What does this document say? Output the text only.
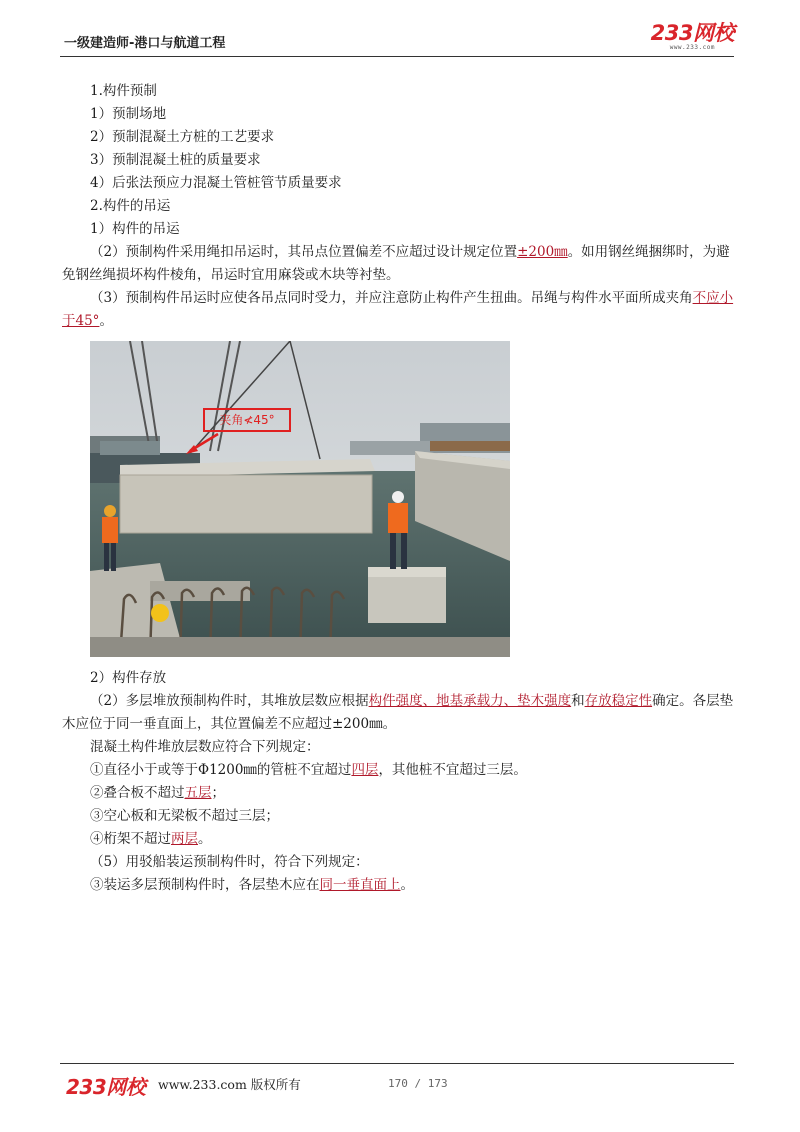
一级建造师-港口与航道工程	233网校
www.233.com

1.构件预制

1）预制场地

2）预制混凝土方桩的工艺要求

3）预制混凝土桩的质量要求

4）后张法预应力混凝土管桩管节质量要求

2.构件的吊运

1）构件的吊运

（2）预制构件采用绳扣吊运时，其吊点位置偏差不应超过设计规定位置±200㎜。如用钢丝绳捆绑时，为避免钢丝绳损坏构件棱角，吊运时宜用麻袋或木块等衬垫。

（3）预制构件吊运时应使各吊点同时受力，并应注意防止构件产生扭曲。吊绳与构件水平面所成夹角不应小于45°。

夹角≮45°

2）构件存放

（2）多层堆放预制构件时，其堆放层数应根据构件强度、地基承载力、垫木强度和存放稳定性确定。各层垫木应位于同一垂直面上，其位置偏差不应超过±200㎜。

混凝土构件堆放层数应符合下列规定：

①直径小于或等于Φ1200㎜的管桩不宜超过四层，其他桩不宜超过三层。

②叠合板不超过五层；

③空心板和无梁板不超过三层；

④桁架不超过两层。

（5）用驳船装运预制构件时，符合下列规定：

③装运多层预制构件时，各层垫木应在同一垂直面上。

233网校 www.233.com 版权所有	170 / 173
